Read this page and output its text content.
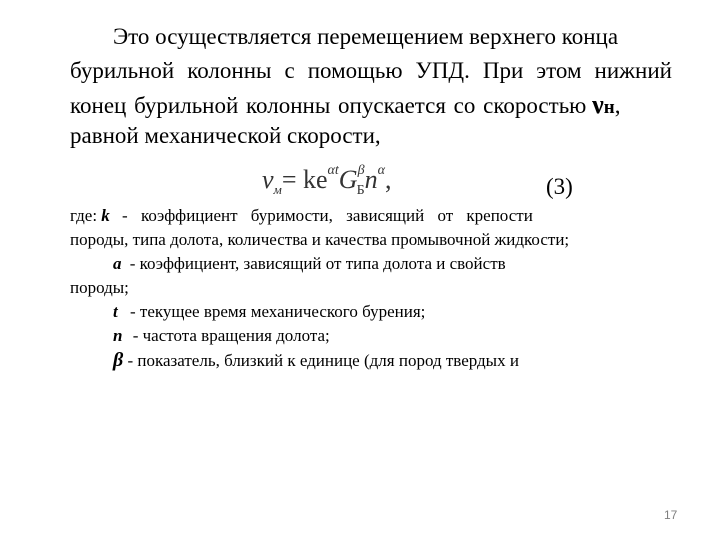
Это осуществляется перемещением верхнего конца
бурильной колонны с помощью УПД. При этом нижний
конец бурильной колонны опускается со скоростью νн,
равной механической скорости,
$v_м= ke^{\alpha t}G^\beta_Бn^\alpha$,	(3)
где: k - коэффициент буримости, зависящий от крепости
породы, типа долота, количества и качества промывочной жидкости;
a - коэффициент, зависящий от типа долота и свойств
породы;
t - текущее время механического бурения;
n - частота вращения долота;
β - показатель, близкий к единице (для пород твердых и
17
